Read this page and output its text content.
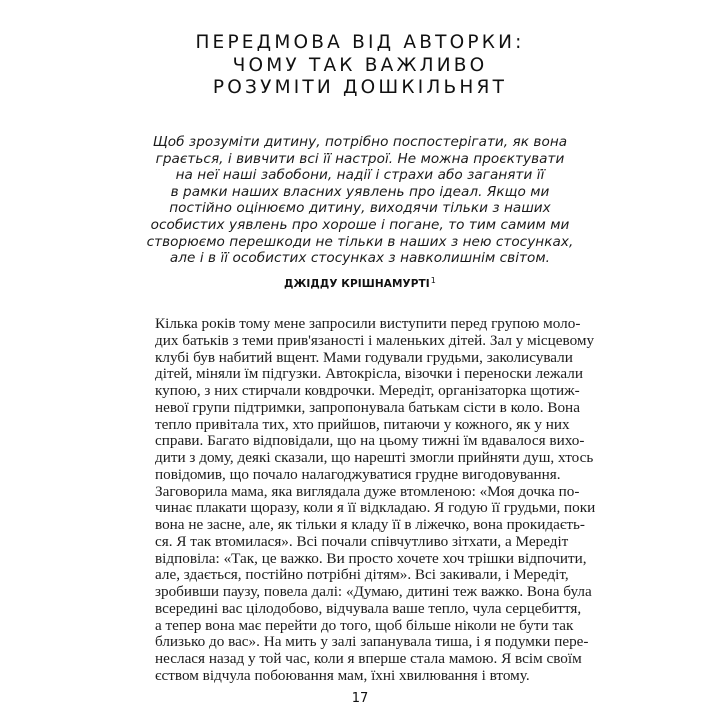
ПЕРЕДМОВА ВІД АВТОРКИ:
ЧОМУ ТАК ВАЖЛИВО
РОЗУМІТИ ДОШКІЛЬНЯТ
Щоб зрозуміти дитину, потрібно поспостерігати, як вона
грається, і вивчити всі її настрої. Не можна проєктувати
на неї наші забобони, надії і страхи або заганяти її
в рамки наших власних уявлень про ідеал. Якщо ми
постійно оцінюємо дитину, виходячи тільки з наших
особистих уявлень про хороше і погане, то тим самим ми
створюємо перешкоди не тільки в наших з нею стосунках,
але і в її особистих стосунках з навколишнім світом.
ДЖІДДУ КРІШНАМУРТІ$^1$
Кілька років тому мене запросили виступити перед групою моло-
дих батьків з теми прив'язаності і маленьких дітей. Зал у місцевому
клубі був набитий вщент. Мами годували грудьми, заколисували
дітей, міняли їм підгузки. Автокрісла, візочки і переноски лежали
купою, з них стирчали ковдрочки. Мередіт, організаторка щотиж-
невої групи підтримки, запропонувала батькам сісти в коло. Вона
тепло привітала тих, хто прийшов, питаючи у кожного, як у них
справи. Багато відповідали, що на цьому тижні їм вдавалося вихо-
дити з дому, деякі сказали, що нарешті змогли прийняти душ, хтось
повідомив, що почало налагоджуватися грудне вигодовування.
Заговорила мама, яка виглядала дуже втомленою: «Моя дочка по-
чинає плакати щоразу, коли я її відкладаю. Я годую її грудьми, поки
вона не засне, але, як тільки я кладу її в ліжечко, вона прокидаєть-
ся. Я так втомилася». Всі почали співчутливо зітхати, а Мередіт
відповіла: «Так, це важко. Ви просто хочете хоч трішки відпочити,
але, здається, постійно потрібні дітям». Всі закивали, і Мередіт,
зробивши паузу, повела далі: «Думаю, дитині теж важко. Вона була
всередині вас цілодобово, відчувала ваше тепло, чула серцебиття,
а тепер вона має перейти до того, щоб більше ніколи не бути так
близько до вас». На мить у залі запанувала тиша, і я подумки пере-
неслася назад у той час, коли я вперше стала мамою. Я всім своїм
єством відчула побоювання мам, їхні хвилювання і втому.
17
